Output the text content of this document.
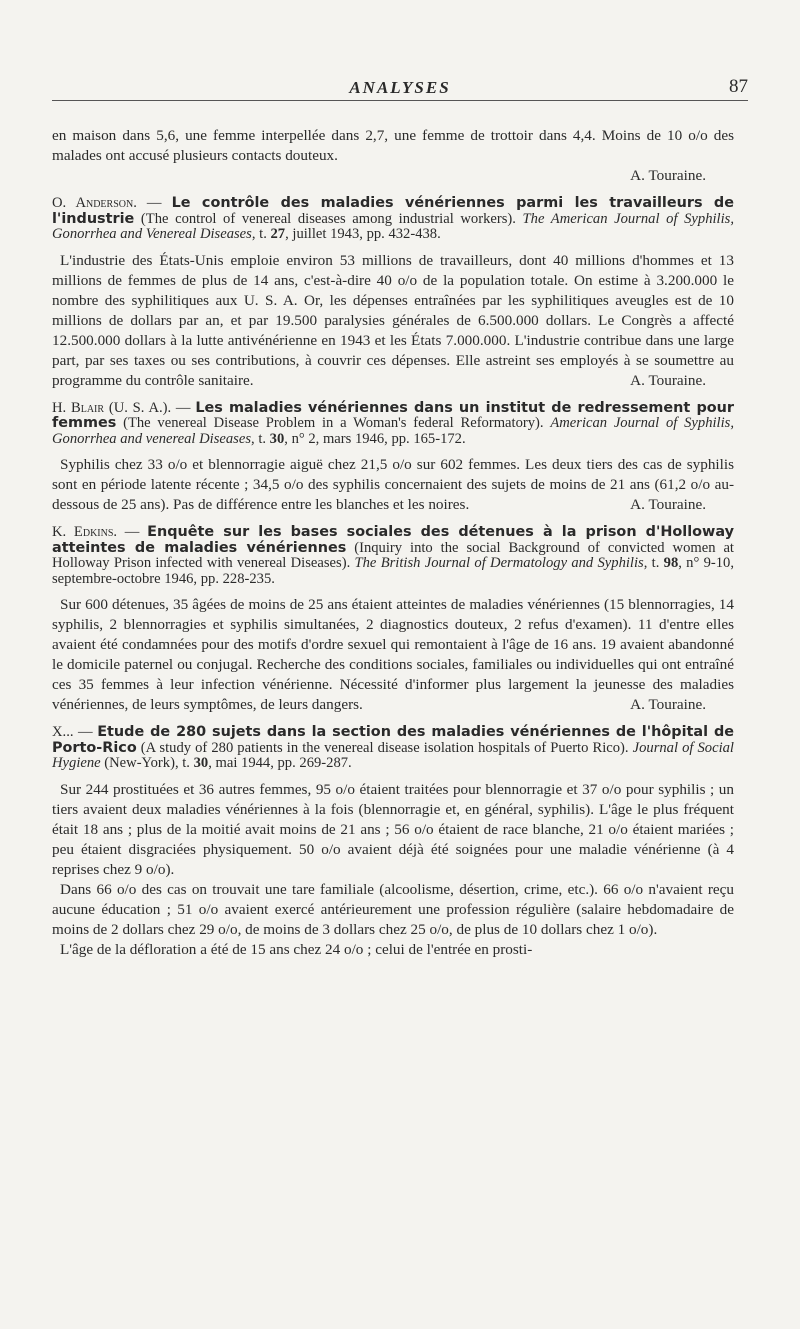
ANALYSES	87

en maison dans 5,6, une femme interpellée dans 2,7, une femme de trottoir dans 4,4. Moins de 10 o/o des malades ont accusé plusieurs contacts douteux.

A. Touraine.

O. Anderson. — Le contrôle des maladies vénériennes parmi les travailleurs de l'industrie (The control of venereal diseases among industrial workers). The American Journal of Syphilis, Gonorrhea and Venereal Diseases, t. 27, juillet 1943, pp. 432-438.

L'industrie des États-Unis emploie environ 53 millions de travailleurs, dont 40 millions d'hommes et 13 millions de femmes de plus de 14 ans, c'est-à-dire 40 o/o de la population totale. On estime à 3.200.000 le nombre des syphilitiques aux U. S. A. Or, les dépenses entraînées par les syphilitiques aveugles est de 10 millions de dollars par an, et par 19.500 paralysies générales de 6.500.000 dollars. Le Congrès a affecté 12.500.000 dollars à la lutte antivénérienne en 1943 et les États 7.000.000. L'industrie contribue dans une large part, par ses taxes ou ses contributions, à couvrir ces dépenses. Elle astreint ses employés à se soumettre au programme du contrôle sanitaire.	A. Touraine.

H. Blair (U. S. A.). — Les maladies vénériennes dans un institut de redressement pour femmes (The venereal Disease Problem in a Woman's federal Reformatory). American Journal of Syphilis, Gonorrhea and venereal Diseases, t. 30, n° 2, mars 1946, pp. 165-172.

Syphilis chez 33 o/o et blennorragie aiguë chez 21,5 o/o sur 602 femmes. Les deux tiers des cas de syphilis sont en période latente récente ; 34,5 o/o des syphilis concernaient des sujets de moins de 21 ans (61,2 o/o au-dessous de 25 ans). Pas de différence entre les blanches et les noires.	A. Touraine.

K. Edkins. — Enquête sur les bases sociales des détenues à la prison d'Holloway atteintes de maladies vénériennes (Inquiry into the social Background of convicted women at Holloway Prison infected with venereal Diseases). The British Journal of Dermatology and Syphilis, t. 98, n° 9-10, septembre-octobre 1946, pp. 228-235.

Sur 600 détenues, 35 âgées de moins de 25 ans étaient atteintes de maladies vénériennes (15 blennorragies, 14 syphilis, 2 blennorragies et syphilis simultanées, 2 diagnostics douteux, 2 refus d'examen). 11 d'entre elles avaient été condamnées pour des motifs d'ordre sexuel qui remontaient à l'âge de 16 ans. 19 avaient abandonné le domicile paternel ou conjugal. Recherche des conditions sociales, familiales ou individuelles qui ont entraîné ces 35 femmes à leur infection vénérienne. Nécessité d'informer plus largement la jeunesse des maladies vénériennes, de leurs symptômes, de leurs dangers.	A. Touraine.

X... — Etude de 280 sujets dans la section des maladies vénériennes de l'hôpital de Porto-Rico (A study of 280 patients in the venereal disease isolation hospitals of Puerto Rico). Journal of Social Hygiene (New-York), t. 30, mai 1944, pp. 269-287.

Sur 244 prostituées et 36 autres femmes, 95 o/o étaient traitées pour blennorragie et 37 o/o pour syphilis ; un tiers avaient deux maladies vénériennes à la fois (blennorragie et, en général, syphilis). L'âge le plus fréquent était 18 ans ; plus de la moitié avait moins de 21 ans ; 56 o/o étaient de race blanche, 21 o/o étaient mariées ; peu étaient disgraciées physiquement. 50 o/o avaient déjà été soignées pour une maladie vénérienne (à 4 reprises chez 9 o/o).

Dans 66 o/o des cas on trouvait une tare familiale (alcoolisme, désertion, crime, etc.). 66 o/o n'avaient reçu aucune éducation ; 51 o/o avaient exercé antérieurement une profession régulière (salaire hebdomadaire de moins de 2 dollars chez 29 o/o, de moins de 3 dollars chez 25 o/o, de plus de 10 dollars chez 1 o/o).

L'âge de la défloration a été de 15 ans chez 24 o/o ; celui de l'entrée en prosti-
